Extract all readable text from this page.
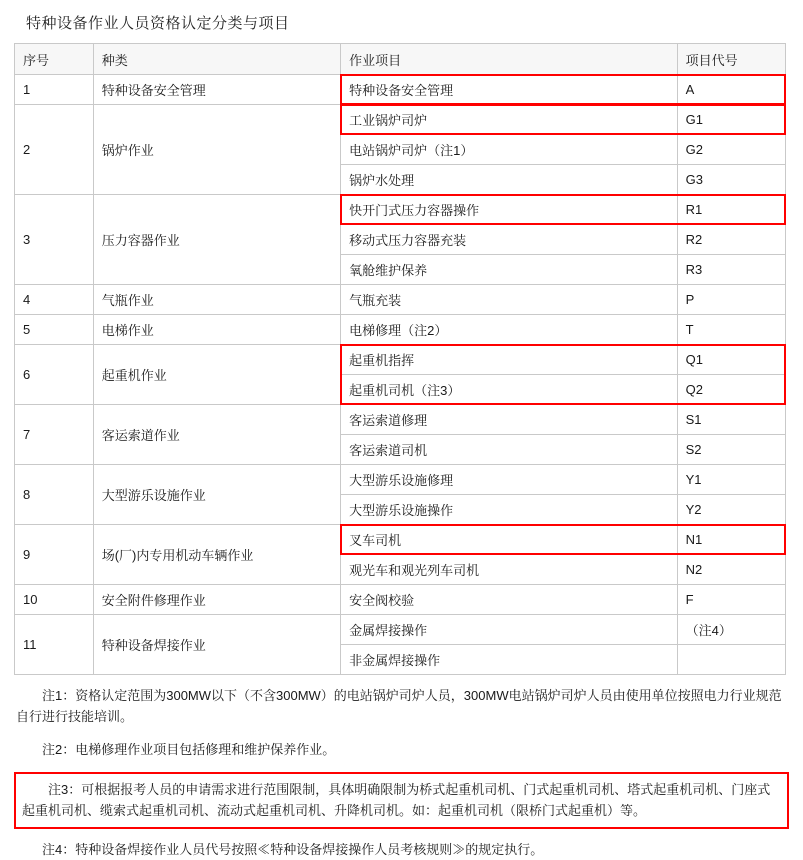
特种设备作业人员资格认定分类与项目
序号	种类	作业项目	项目代号
1	特种设备安全管理	特种设备安全管理	A
2	锅炉作业	工业锅炉司炉	G1
		电站锅炉司炉（注1）	G2
		锅炉水处理	G3
3	压力容器作业	快开门式压力容器操作	R1
		移动式压力容器充装	R2
		氧舱维护保养	R3
4	气瓶作业	气瓶充装	P
5	电梯作业	电梯修理（注2）	T
6	起重机作业	起重机指挥	Q1
		起重机司机（注3）	Q2
7	客运索道作业	客运索道修理	S1
		客运索道司机	S2
8	大型游乐设施作业	大型游乐设施修理	Y1
		大型游乐设施操作	Y2
9	场(厂)内专用机动车辆作业	叉车司机	N1
		观光车和观光列车司机	N2
10	安全附件修理作业	安全阀校验	F
11	特种设备焊接作业	金属焊接操作	（注4）
		非金属焊接操作	

注1：资格认定范围为300MW以下（不含300MW）的电站锅炉司炉人员，300MW电站锅炉司炉人员由使用单位按照电力行业规范自行进行技能培训。

注2：电梯修理作业项目包括修理和维护保养作业。

注3：可根据报考人员的申请需求进行范围限制，具体明确限制为桥式起重机司机、门式起重机司机、塔式起重机司机、门座式起重机司机、缆索式起重机司机、流动式起重机司机、升降机司机。如：起重机司机（限桥门式起重机）等。

注4：特种设备焊接作业人员代号按照≪特种设备焊接操作人员考核规则≫的规定执行。
